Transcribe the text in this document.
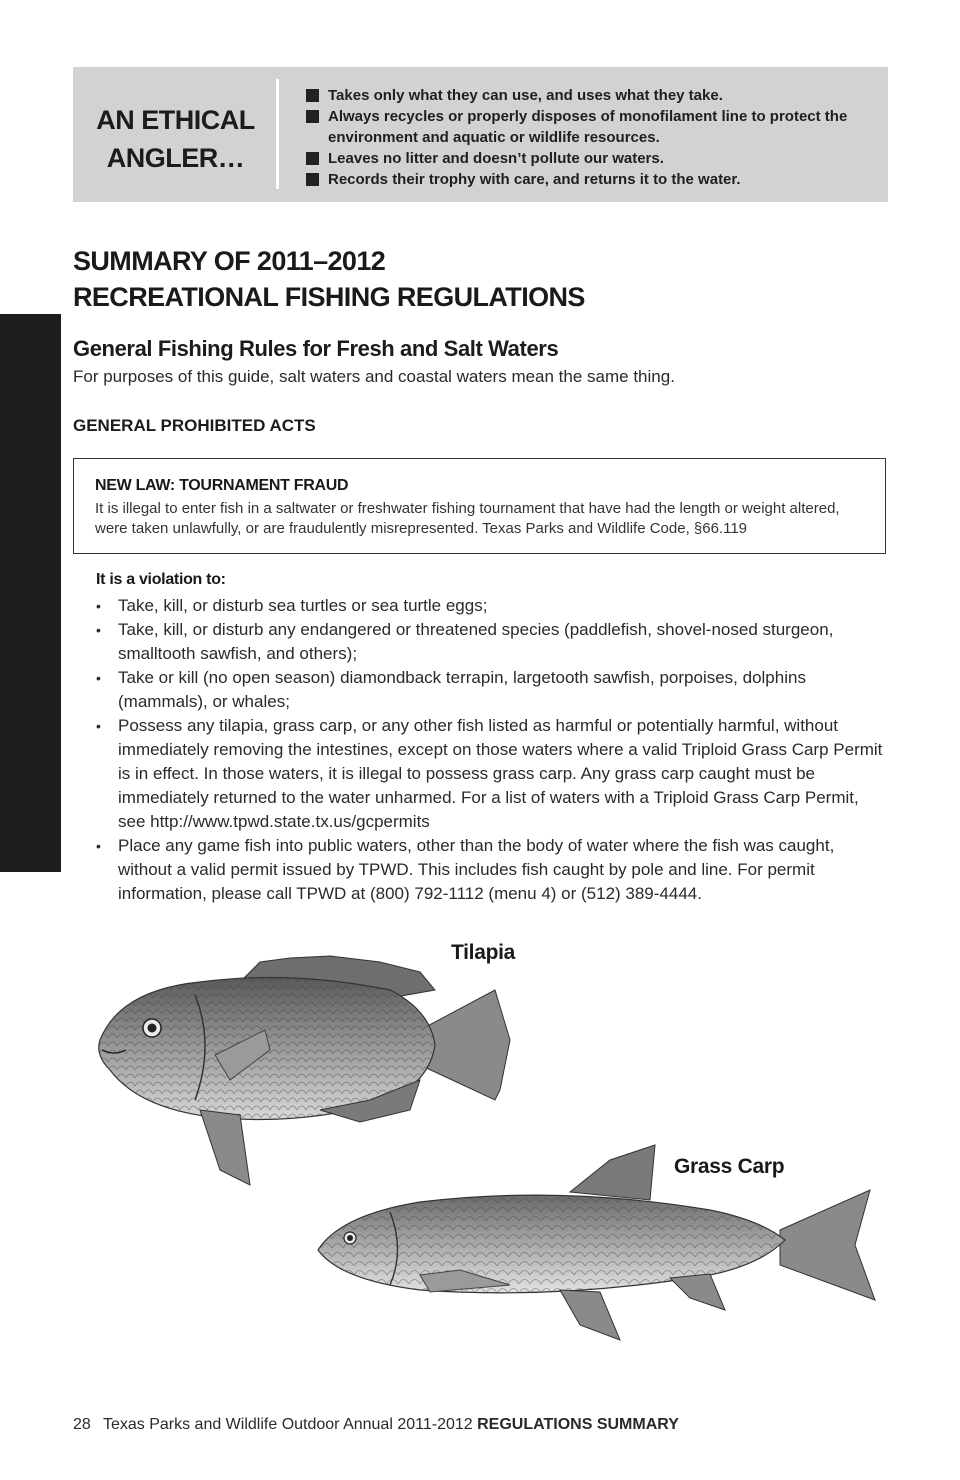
AN ETHICAL
ANGLER…
Takes only what they can use, and uses what they take.
Always recycles or properly disposes of monofilament line to protect the environment and aquatic or wildlife resources.
Leaves no litter and doesn’t pollute our waters.
Records their trophy with care, and returns it to the water.
SUMMARY OF 2011–2012
RECREATIONAL FISHING REGULATIONS
FISHING REGULATIONS
General Fishing Rules for Fresh and Salt Waters
For purposes of this guide, salt waters and coastal waters mean the same thing.
GENERAL PROHIBITED ACTS
NEW LAW: TOURNAMENT FRAUD
It is illegal to enter fish in a saltwater or freshwater fishing tournament that have had the length or weight altered, were taken unlawfully, or are fraudulently misrepresented. Texas Parks and Wildlife Code, §66.119
It is a violation to:
• Take, kill, or disturb sea turtles or sea turtle eggs;
• Take, kill, or disturb any endangered or threatened species (paddlefish, shovel-nosed sturgeon, smalltooth sawfish, and others);
• Take or kill (no open season) diamondback terrapin, largetooth sawfish, porpoises, dolphins (mammals), or whales;
• Possess any tilapia, grass carp, or any other fish listed as harmful or potentially harmful, without immediately removing the intestines, except on those waters where a valid Triploid Grass Carp Permit is in effect. In those waters, it is illegal to possess grass carp. Any grass carp caught must be immediately returned to the water unharmed. For a list of waters with a Triploid Grass Carp Permit, see http://www.tpwd.state.tx.us/gcpermits
• Place any game fish into public waters, other than the body of water where the fish was caught, without a valid permit issued by TPWD. This includes fish caught by pole and line. For permit information, please call TPWD at (800) 792-1112 (menu 4) or (512) 389-4444.
Tilapia
Grass Carp
28 Texas Parks and Wildlife Outdoor Annual 2011-2012 REGULATIONS SUMMARY
